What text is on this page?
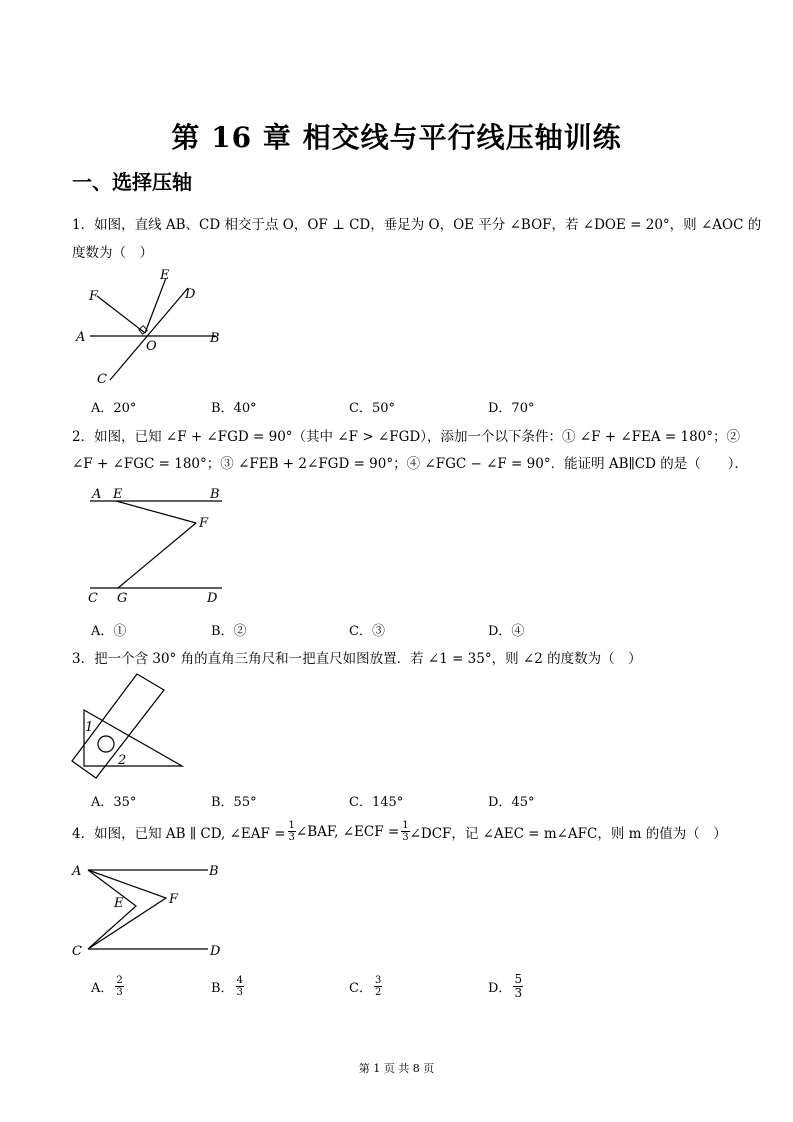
第 16 章 相交线与平行线压轴训练
一、选择压轴
1．如图，直线 AB、CD 相交于点 O，OF ⊥ CD，垂足为 O，OE 平分 ∠BOF，若 ∠DOE = 20°，则 ∠AOC 的
度数为（　）
A	B
C
D
E
F
O
A．20°	B．40°	C．50°	D．70°
2．如图，已知 ∠F + ∠FGD = 90°（其中 ∠F > ∠FGD），添加一个以下条件：① ∠F + ∠FEA = 180°；②
∠F + ∠FGC = 180°；③ ∠FEB + 2∠FGD = 90°；④ ∠FGC − ∠F = 90°．能证明 AB∥CD 的是（　　）．
A E	B
F
C G	D
A．①	B．②	C．③	D．④
3．把一个含 30° 角的直角三角尺和一把直尺如图放置．若 ∠1 = 35°，则 ∠2 的度数为（　）
1
2
A．35°	B．55°	C．145°	D．45°
4．如图，已知 AB ∥ CD, ∠EAF = $\frac{1}{3}$ ∠BAF, ∠ECF = $\frac{1}{3}$ ∠DCF，记 ∠AEC = m∠AFC，则 m 的值为（　）
A	B
E	F
C	D
A． $\frac{2}{3}$	B． $\frac{4}{3}$	C． $\frac{3}{2}$	D． $\frac{5}{3}$
第 1 页 共 8 页
